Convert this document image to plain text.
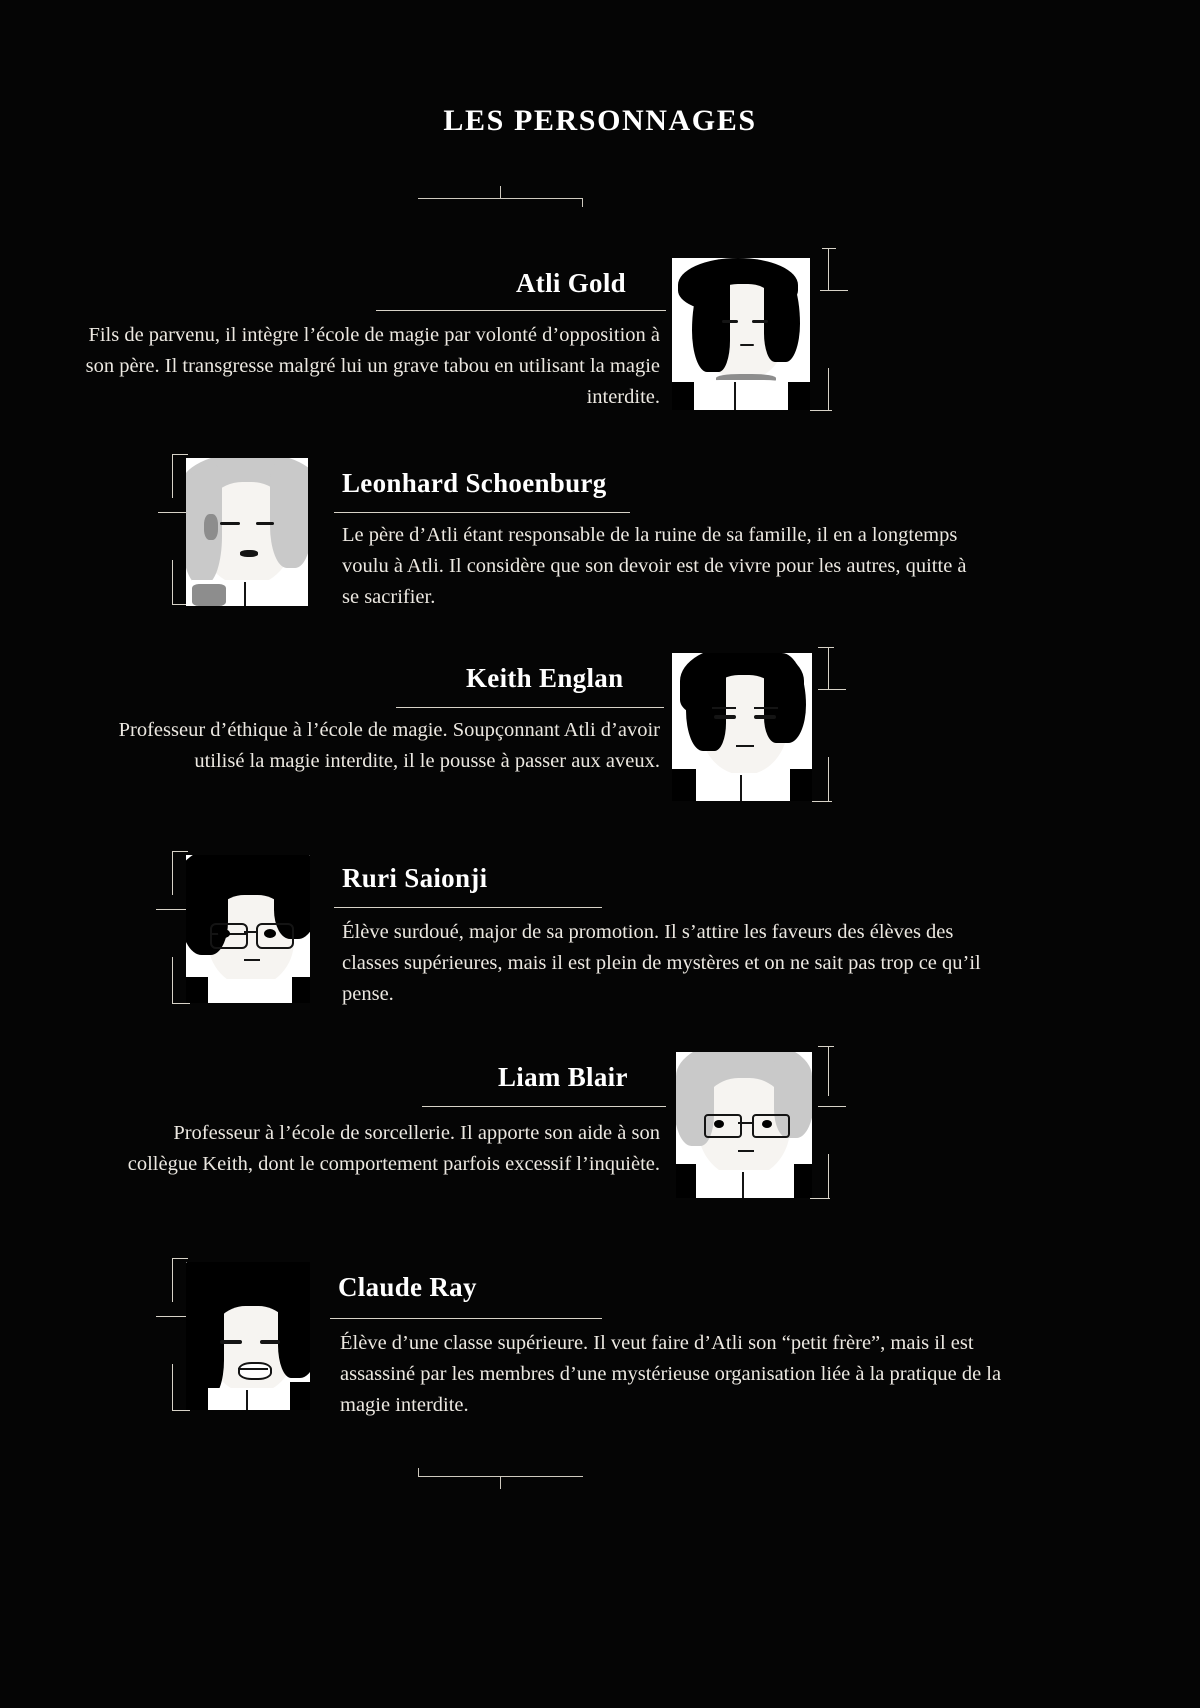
LES PERSONNAGES
Atli Gold
Fils de parvenu, il intègre l’école de magie par volonté d’opposition à son père. Il transgresse malgré lui un grave tabou en utilisant la magie interdite.
Leonhard Schoenburg
Le père d’Atli étant responsable de la ruine de sa famille, il en a longtemps voulu à Atli. Il considère que son devoir est de vivre pour les autres, quitte à se sacrifier.
Keith Englan
Professeur d’éthique à l’école de magie. Soupçonnant Atli d’avoir utilisé la magie interdite, il le pousse à passer aux aveux.
Ruri Saionji
Élève surdoué, major de sa promotion. Il s’attire les faveurs des élèves des classes supérieures, mais il est plein de mystères et on ne sait pas trop ce qu’il pense.
Liam Blair
Professeur à l’école de sorcellerie. Il apporte son aide à son collègue Keith, dont le comportement parfois excessif l’inquiète.
Claude Ray
Élève d’une classe supérieure. Il veut faire d’Atli son “petit frère”, mais il est assassiné par les membres d’une mystérieuse organisation liée à la pratique de la magie interdite.
